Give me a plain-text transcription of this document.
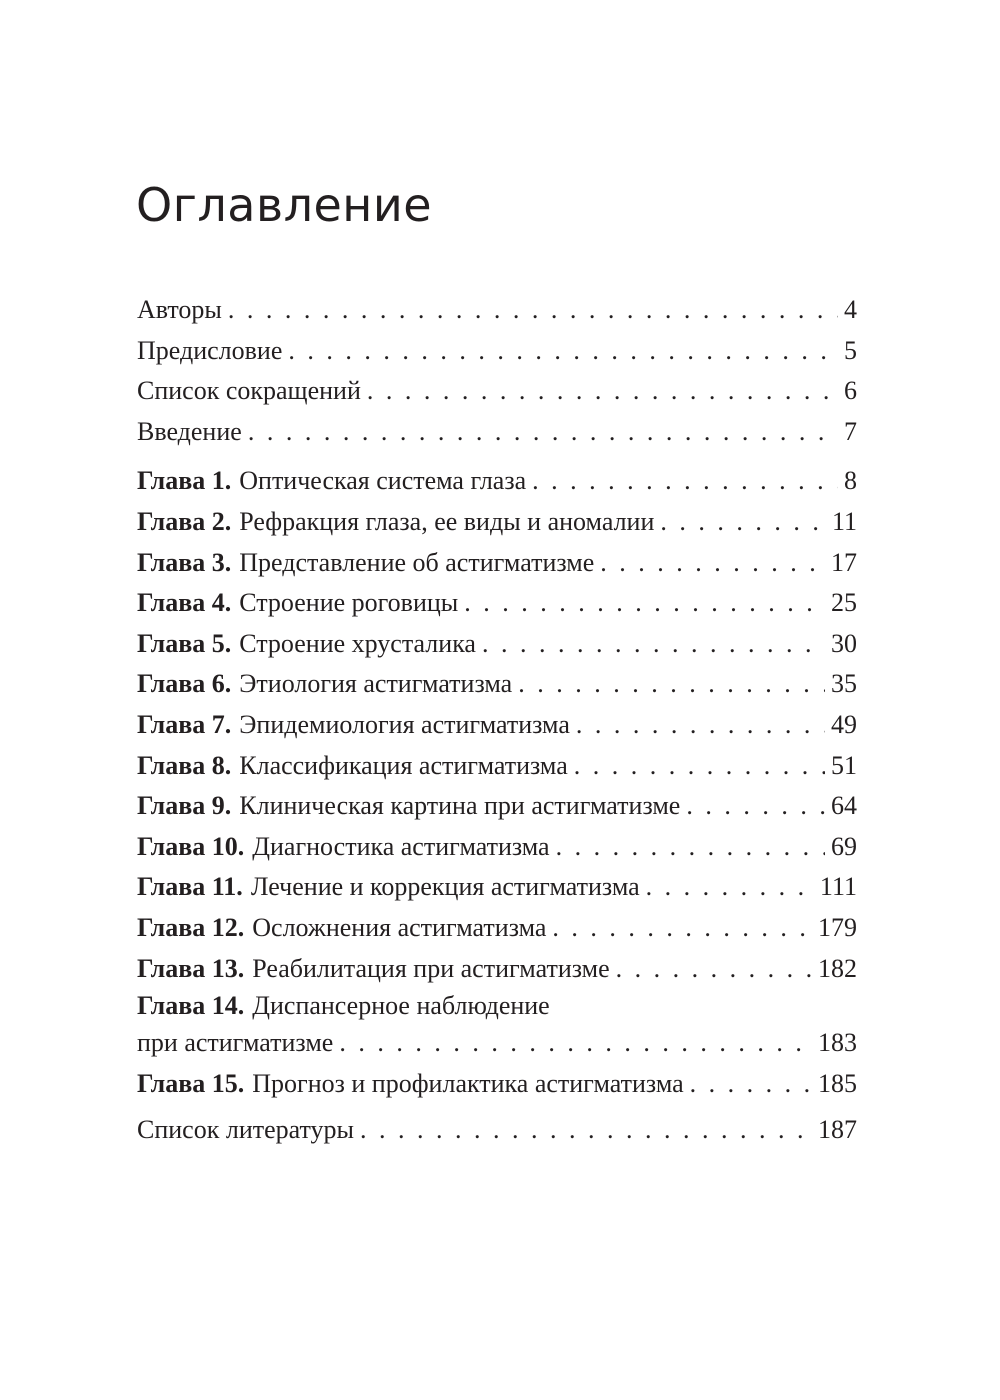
Оглавление
Авторы . . .	4
Предисловие . . .	5
Список сокращений . . .	6
Введение . . .	7
Глава 1. Оптическая система глаза . . .	8
Глава 2. Рефракция глаза, ее виды и аномалии . . .	11
Глава 3. Представление об астигматизме . . .	17
Глава 4. Строение роговицы . . .	25
Глава 5. Строение хрусталика . . .	30
Глава 6. Этиология астигматизма . . .	35
Глава 7. Эпидемиология астигматизма . . .	49
Глава 8. Классификация астигматизма . . .	51
Глава 9. Клиническая картина при астигматизме . . .	64
Глава 10. Диагностика астигматизма . . .	69
Глава 11. Лечение и коррекция астигматизма . . .	111
Глава 12. Осложнения астигматизма . . .	179
Глава 13. Реабилитация при астигматизме . . .	182
Глава 14. Диспансерное наблюдение
при астигматизме . . .	183
Глава 15. Прогноз и профилактика астигматизма . . .	185
Список литературы . . .	187
